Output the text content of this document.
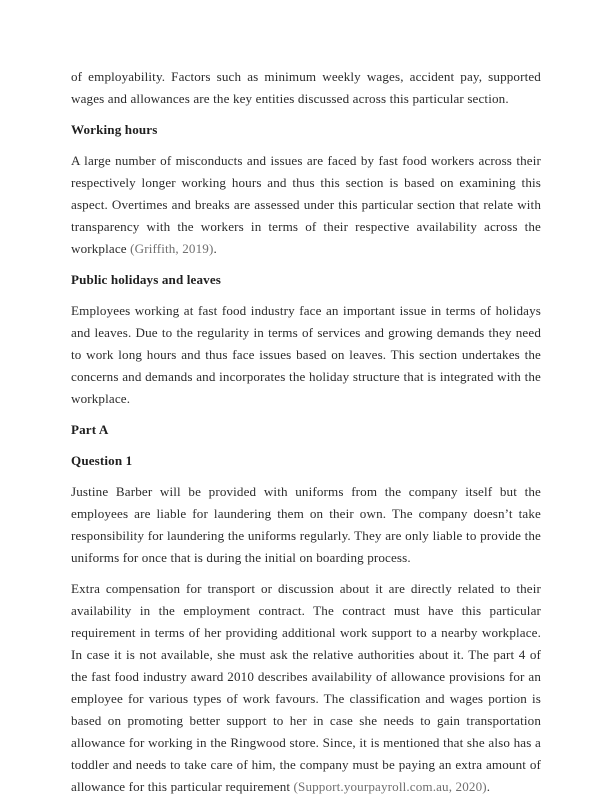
of employability. Factors such as minimum weekly wages, accident pay, supported wages and allowances are the key entities discussed across this particular section.

Working hours

A large number of misconducts and issues are faced by fast food workers across their respectively longer working hours and thus this section is based on examining this aspect. Overtimes and breaks are assessed under this particular section that relate with transparency with the workers in terms of their respective availability across the workplace (Griffith, 2019).

Public holidays and leaves

Employees working at fast food industry face an important issue in terms of holidays and leaves. Due to the regularity in terms of services and growing demands they need to work long hours and thus face issues based on leaves. This section undertakes the concerns and demands and incorporates the holiday structure that is integrated with the workplace.

Part A

Question 1

Justine Barber will be provided with uniforms from the company itself but the employees are liable for laundering them on their own. The company doesn’t take responsibility for laundering the uniforms regularly. They are only liable to provide the uniforms for once that is during the initial on boarding process.

Extra compensation for transport or discussion about it are directly related to their availability in the employment contract. The contract must have this particular requirement in terms of her providing additional work support to a nearby workplace. In case it is not available, she must ask the relative authorities about it. The part 4 of the fast food industry award 2010 describes availability of allowance provisions for an employee for various types of work favours. The classification and wages portion is based on promoting better support to her in case she needs to gain transportation allowance for working in the Ringwood store. Since, it is mentioned that she also has a toddler and needs to take care of him, the company must be paying an extra amount of allowance for this particular requirement (Support.yourpayroll.com.au, 2020).
